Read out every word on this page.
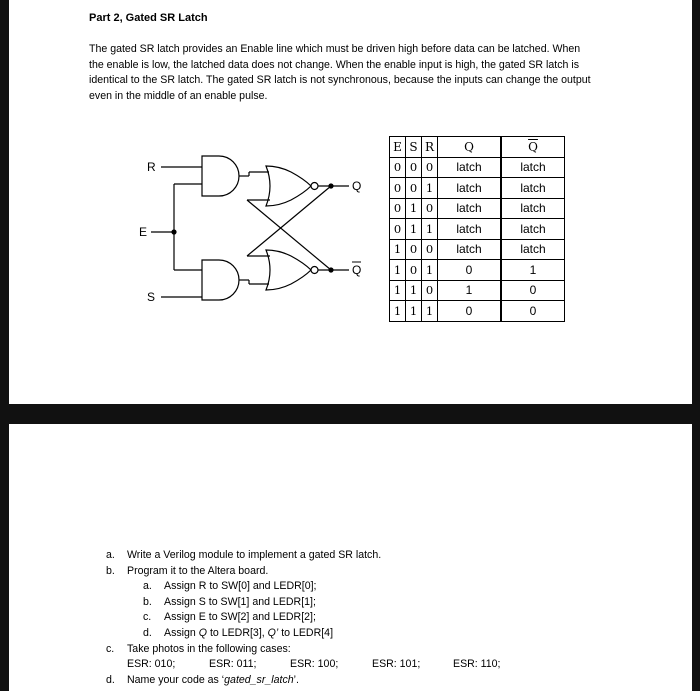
Part 2, Gated SR Latch

The gated SR latch provides an Enable line which must be driven high before data can be latched. When
the enable is low, the latched data does not change. When the enable input is high, the gated SR latch is
identical to the SR latch. The gated SR latch is not synchronous, because the inputs can change the output
even in the middle of an enable pulse.
R
E
S
Q
Q
E	S	R	Q	$\overline{Q}$
0	0	0	latch	latch
0	0	1	latch	latch
0	1	0	latch	latch
0	1	1	latch	latch
1	0	0	latch	latch
1	0	1	0	1
1	1	0	1	0
1	1	1	0	0
a.	Write a Verilog module to implement a gated SR latch.
b.	Program it to the Altera board.
a.	Assign R to SW[0] and LEDR[0];
b.	Assign S to SW[1] and LEDR[1];
c.	Assign E to SW[2] and LEDR[2];
d.	Assign Q to LEDR[3], Q’ to LEDR[4]
c.	Take photos in the following cases:
ESR: 010;	ESR: 011;	ESR: 100;	ESR: 101;	ESR: 110;
d.	Name your code as ‘gated_sr_latch’.
